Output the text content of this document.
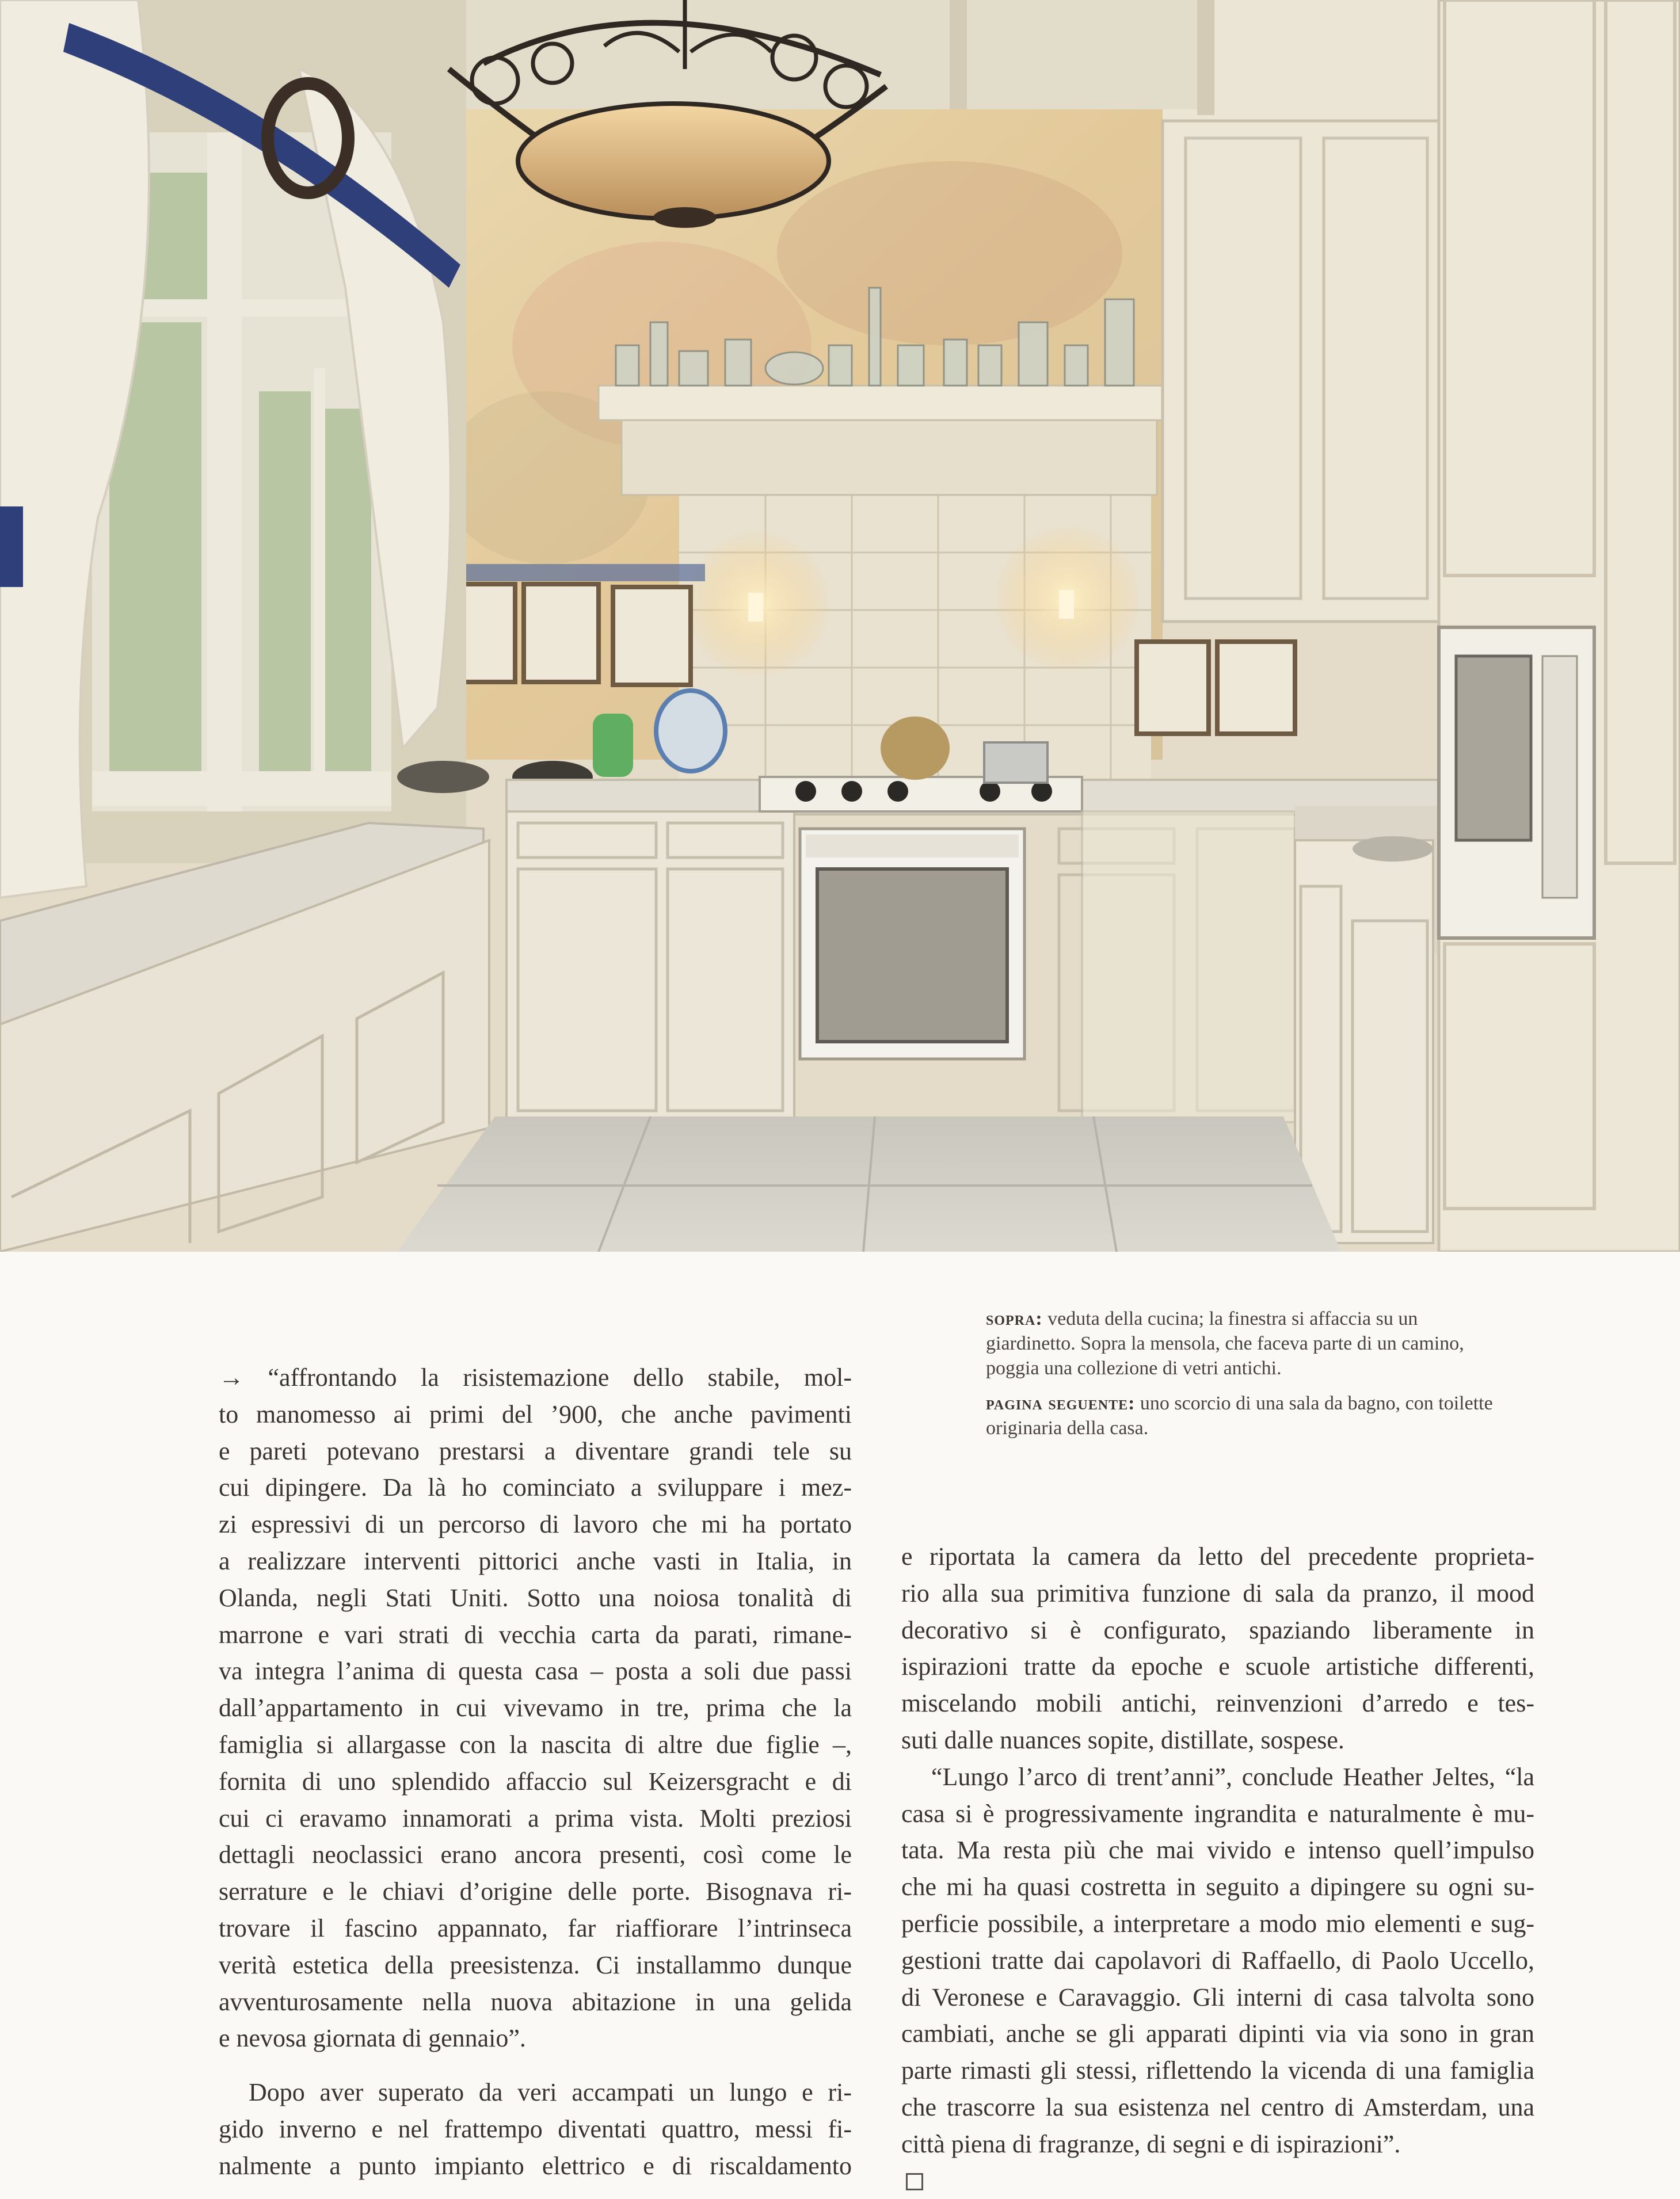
sopra: veduta della cucina; la finestra si affaccia su un giardinetto. Sopra la mensola, che faceva parte di un camino, poggia una collezione di vetri antichi.

pagina seguente: uno scorcio di una sala da bagno, con toilette originaria della casa.

→ “affrontando la risistemazione dello stabile, mol-
to manomesso ai primi del ’900, che anche pavimenti
e pareti potevano prestarsi a diventare grandi tele su
cui dipingere. Da là ho cominciato a sviluppare i mez-
zi espressivi di un percorso di lavoro che mi ha portato
a realizzare interventi pittorici anche vasti in Italia, in
Olanda, negli Stati Uniti. Sotto una noiosa tonalità di
marrone e vari strati di vecchia carta da parati, rimane-
va integra l’anima di questa casa – posta a soli due passi
dall’appartamento in cui vivevamo in tre, prima che la
famiglia si allargasse con la nascita di altre due figlie –,
fornita di uno splendido affaccio sul Keizersgracht e di
cui ci eravamo innamorati a prima vista. Molti preziosi
dettagli neoclassici erano ancora presenti, così come le
serrature e le chiavi d’origine delle porte. Bisognava ri-
trovare il fascino appannato, far riaffiorare l’intrinseca
verità estetica della preesistenza. Ci installammo dunque
avventurosamente nella nuova abitazione in una gelida
e nevosa giornata di gennaio”.
Dopo aver superato da veri accampati un lungo e ri-
gido inverno e nel frattempo diventati quattro, messi fi-
nalmente a punto impianto elettrico e di riscaldamento
e riportata la camera da letto del precedente proprieta-
rio alla sua primitiva funzione di sala da pranzo, il mood
decorativo si è configurato, spaziando liberamente in
ispirazioni tratte da epoche e scuole artistiche differenti,
miscelando mobili antichi, reinvenzioni d’arredo e tes-
suti dalle nuances sopite, distillate, sospese.
“Lungo l’arco di trent’anni”, conclude Heather Jeltes, “la
casa si è progressivamente ingrandita e naturalmente è mu-
tata. Ma resta più che mai vivido e intenso quell’impulso
che mi ha quasi costretta in seguito a dipingere su ogni su-
perficie possibile, a interpretare a modo mio elementi e sug-
gestioni tratte dai capolavori di Raffaello, di Paolo Uccello,
di Veronese e Caravaggio. Gli interni di casa talvolta sono
cambiati, anche se gli apparati dipinti via via sono in gran
parte rimasti gli stessi, riflettendo la vicenda di una famiglia
che trascorre la sua esistenza nel centro di Amsterdam, una
città piena di fragranze, di segni e di ispirazioni”.
